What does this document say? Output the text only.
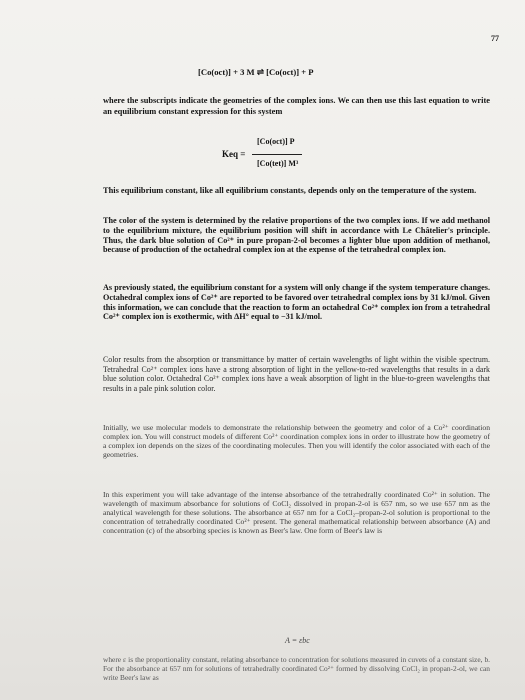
77
[Co(oct)] + 3 M ⇌ [Co(oct)] + P

where the subscripts indicate the geometries of the complex ions. We can then use this last equation to write an equilibrium constant expression for this system

Keq =
[Co(oct)] P
[Co(tet)] M³

This equilibrium constant, like all equilibrium constants, depends only on the temperature of the system.

The color of the system is determined by the relative proportions of the two complex ions. If we add methanol to the equilibrium mixture, the equilibrium position will shift in accordance with Le Châtelier's principle. Thus, the dark blue solution of Co²⁺ in pure propan-2-ol becomes a lighter blue upon addition of methanol, because of production of the octahedral complex ion at the expense of the tetrahedral complex ion.

As previously stated, the equilibrium constant for a system will only change if the system temperature changes. Octahedral complex ions of Co²⁺ are reported to be favored over tetrahedral complex ions by 31 kJ/mol. Given this information, we can conclude that the reaction to form an octahedral Co²⁺ complex ion from a tetrahedral Co²⁺ complex ion is exothermic, with ΔH° equal to −31 kJ/mol.

Color results from the absorption or transmittance by matter of certain wavelengths of light within the visible spectrum. Tetrahedral Co²⁺ complex ions have a strong absorption of light in the yellow-to-red wavelengths that results in a dark blue solution color. Octahedral Co²⁺ complex ions have a weak absorption of light in the blue-to-green wavelengths that results in a pale pink solution color.

Initially, we use molecular models to demonstrate the relationship between the geometry and color of a Co²⁺ coordination complex ion. You will construct models of different Co²⁺ coordination complex ions in order to illustrate how the geometry of a complex ion depends on the sizes of the coordinating molecules. Then you will identify the color associated with each of the geometries.

In this experiment you will take advantage of the intense absorbance of the tetrahedrally coordinated Co²⁺ in solution. The wavelength of maximum absorbance for solutions of CoCl₂ dissolved in propan-2-ol is 657 nm, so we use 657 nm as the analytical wavelength for these solutions. The absorbance at 657 nm for a CoCl₂–propan-2-ol solution is proportional to the concentration of tetrahedrally coordinated Co²⁺ present. The general mathematical relationship between absorbance (A) and concentration (c) of the absorbing species is known as Beer's law. One form of Beer's law is

A = εbc

where ε is the proportionality constant, relating absorbance to concentration for solutions measured in cuvets of a constant size, b. For the absorbance at 657 nm for solutions of tetrahedrally coordinated Co²⁺ formed by dissolving CoCl₂ in propan-2-ol, we can write Beer's law as
